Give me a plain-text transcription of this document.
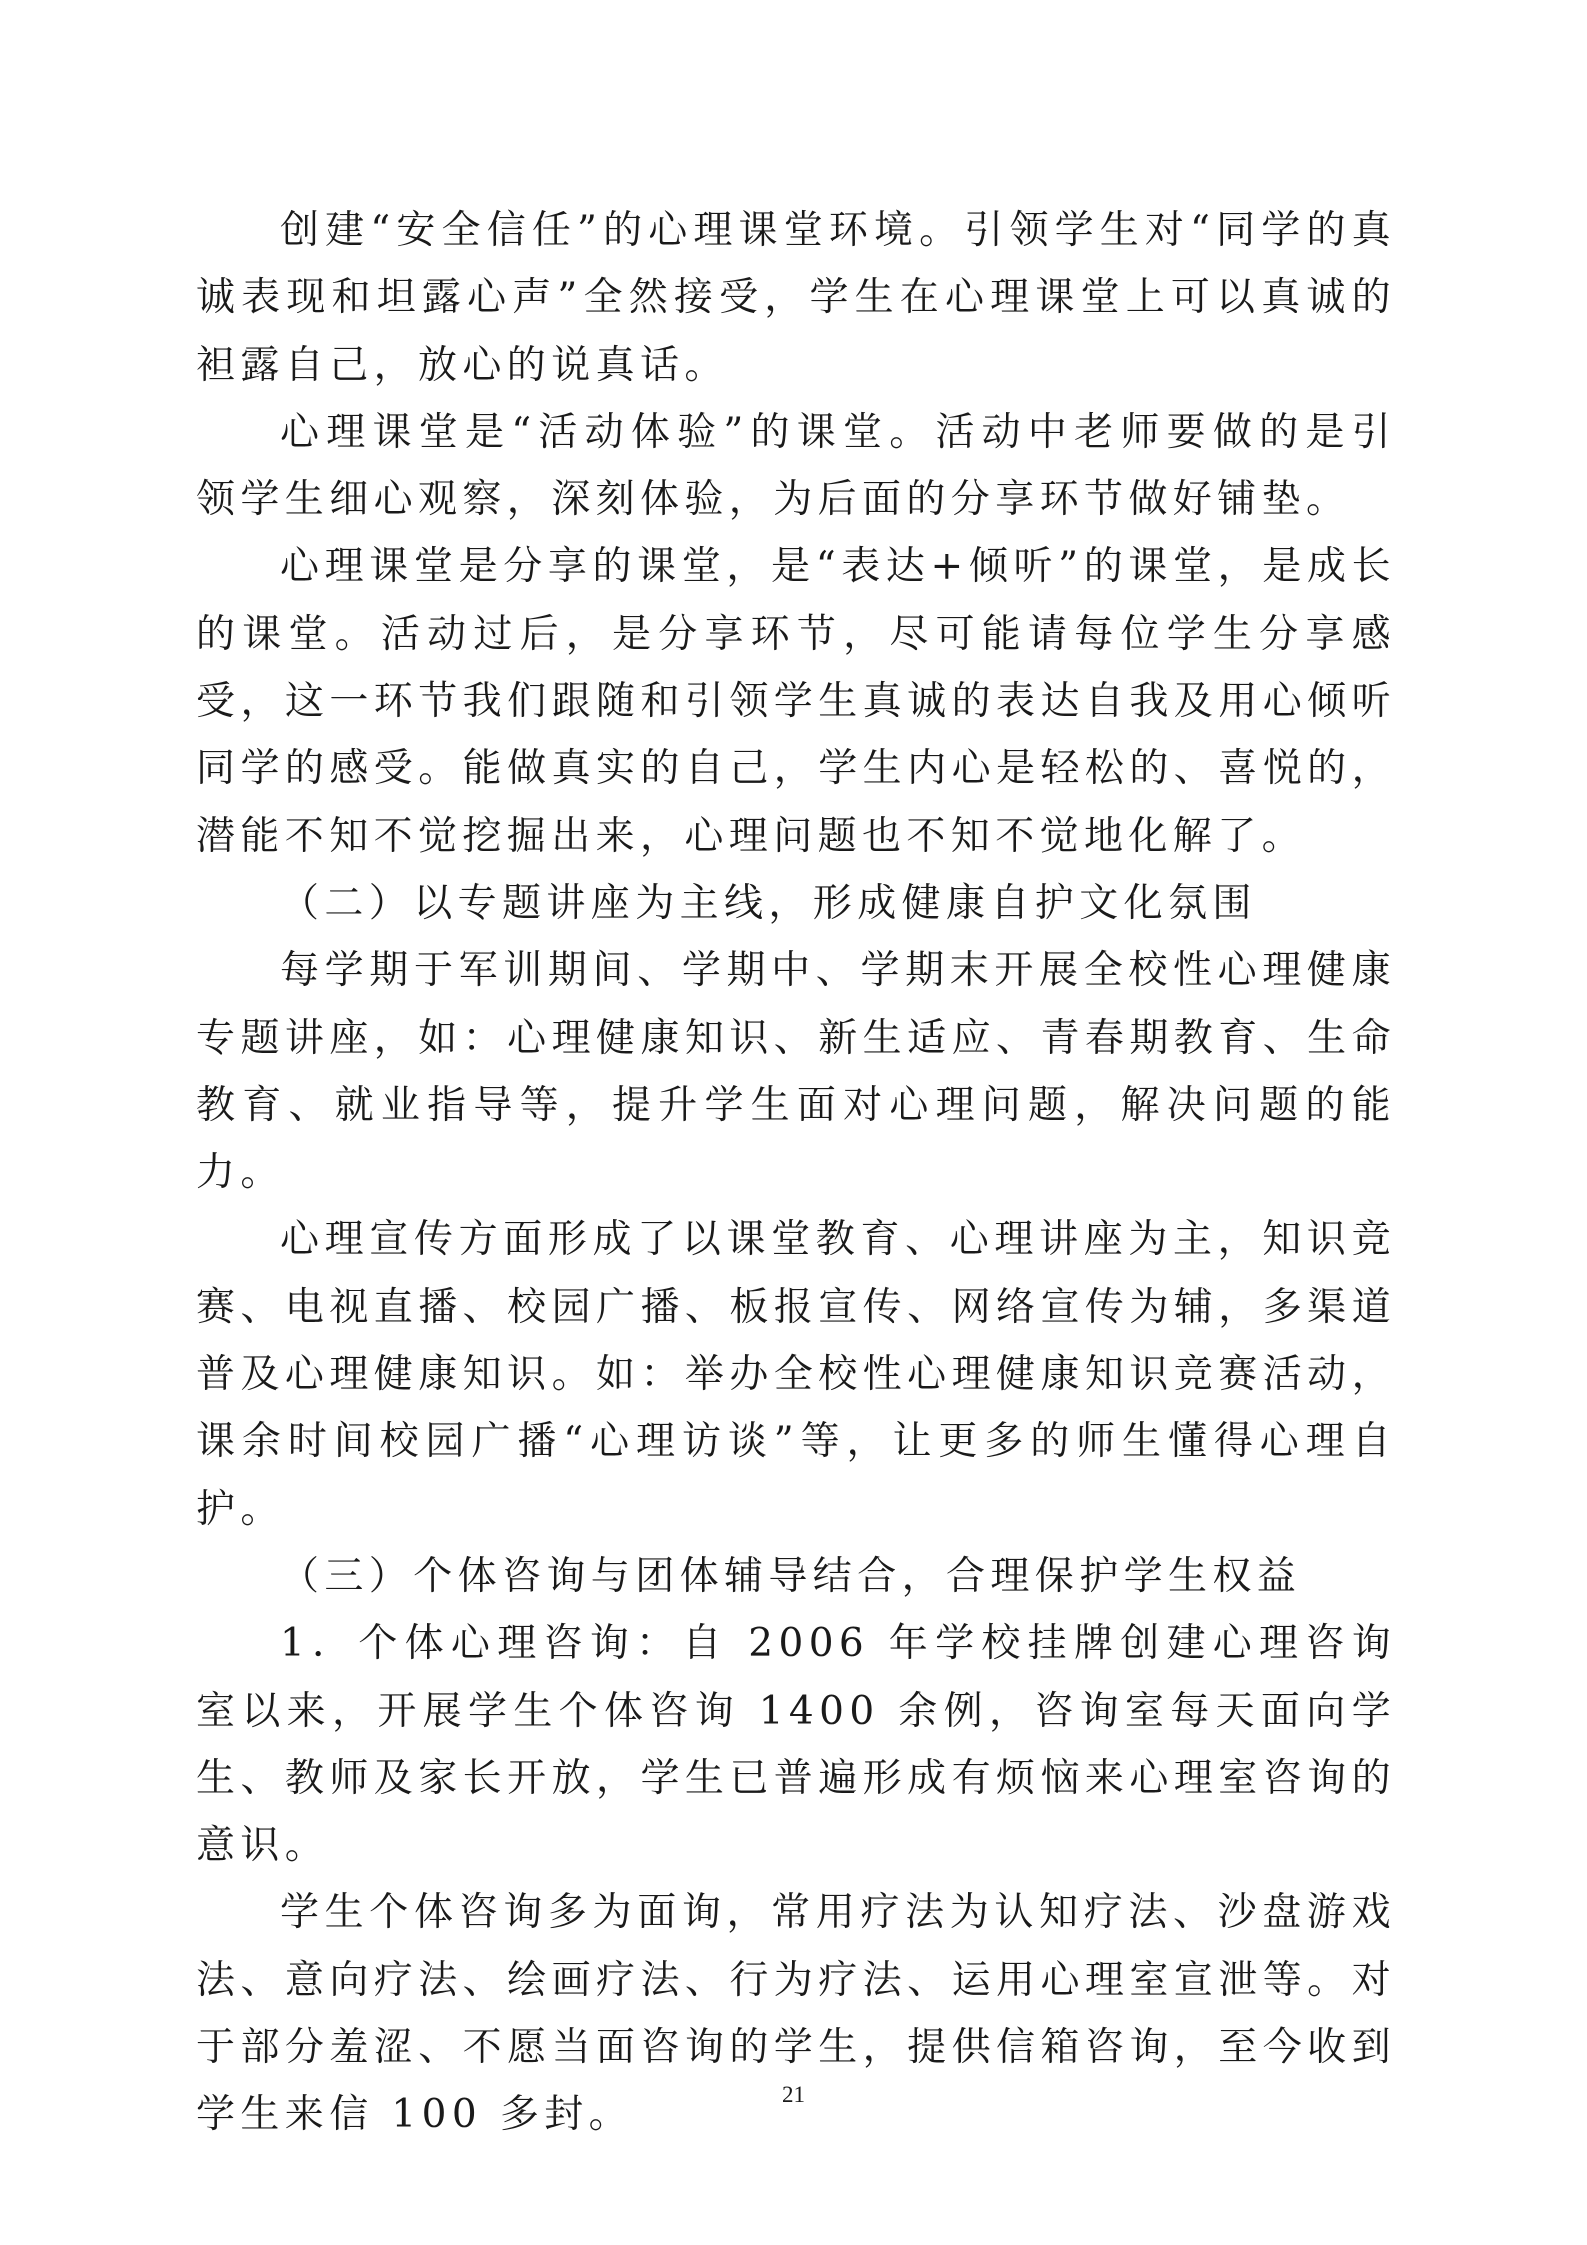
创建“安全信任”的心理课堂环境。引领学生对“同学的真诚表现和坦露心声”全然接受，学生在心理课堂上可以真诚的袒露自己，放心的说真话。

心理课堂是“活动体验”的课堂。活动中老师要做的是引领学生细心观察，深刻体验，为后面的分享环节做好铺垫。

心理课堂是分享的课堂，是“表达+倾听”的课堂，是成长的课堂。活动过后，是分享环节，尽可能请每位学生分享感受，这一环节我们跟随和引领学生真诚的表达自我及用心倾听同学的感受。能做真实的自己，学生内心是轻松的、喜悦的，潜能不知不觉挖掘出来，心理问题也不知不觉地化解了。

（二）以专题讲座为主线，形成健康自护文化氛围

每学期于军训期间、学期中、学期末开展全校性心理健康专题讲座，如：心理健康知识、新生适应、青春期教育、生命教育、就业指导等，提升学生面对心理问题，解决问题的能力。

心理宣传方面形成了以课堂教育、心理讲座为主，知识竞赛、电视直播、校园广播、板报宣传、网络宣传为辅，多渠道普及心理健康知识。如：举办全校性心理健康知识竞赛活动，课余时间校园广播“心理访谈”等，让更多的师生懂得心理自护。

（三）个体咨询与团体辅导结合，合理保护学生权益

1．个体心理咨询：自 2006 年学校挂牌创建心理咨询室以来，开展学生个体咨询 1400 余例，咨询室每天面向学生、教师及家长开放，学生已普遍形成有烦恼来心理室咨询的意识。

学生个体咨询多为面询，常用疗法为认知疗法、沙盘游戏法、意向疗法、绘画疗法、行为疗法、运用心理室宣泄等。对于部分羞涩、不愿当面咨询的学生，提供信箱咨询，至今收到学生来信 100 多封。	21
